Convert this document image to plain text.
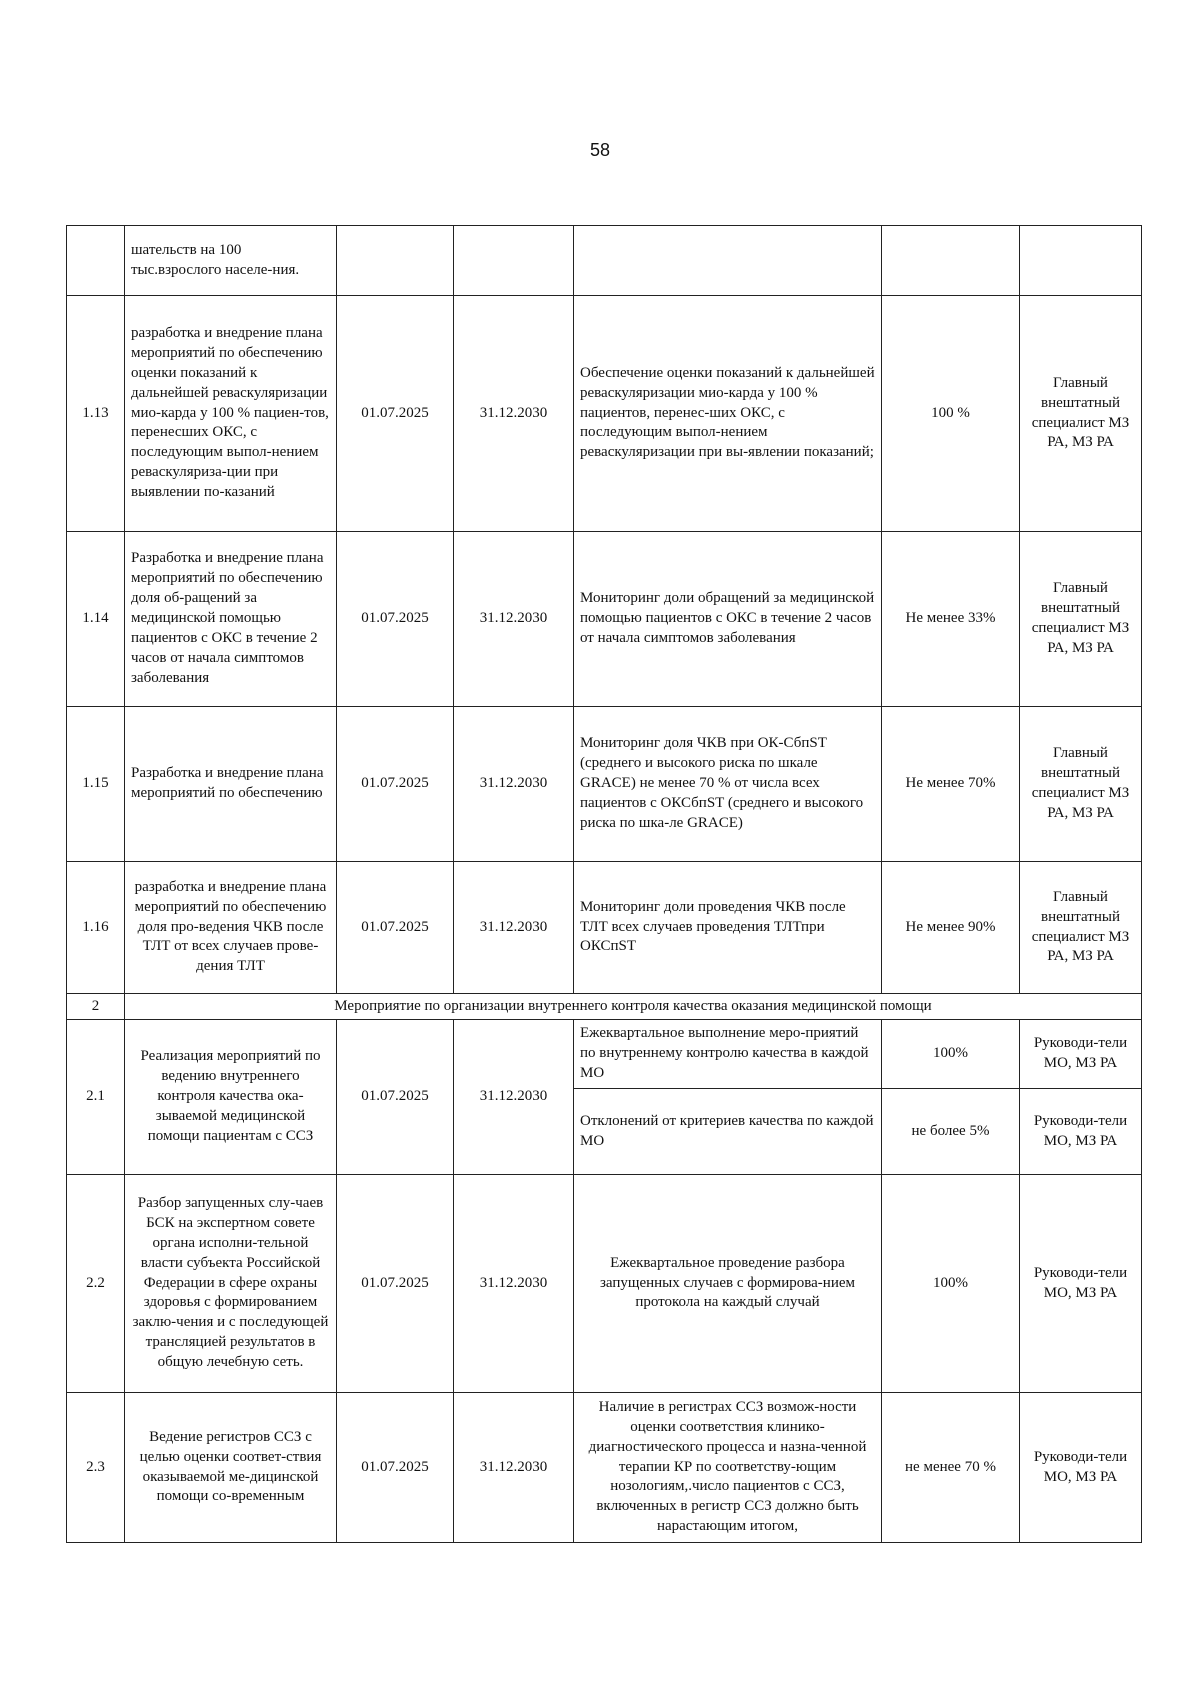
58
	шательств на 100 тыс.взрослого населе-ния.					
1.13	разработка и внедрение плана мероприятий по обеспечению оценки показаний к дальнейшей реваскуляризации мио-карда у 100 % пациен-тов, перенесших ОКС, с последующим выпол-нением реваскуляриза-ции при выявлении по-казаний	01.07.2025	31.12.2030	Обеспечение оценки показаний к дальнейшей реваскуляризации мио-карда у 100 % пациентов, перенес-ших ОКС, с последующим выпол-нением реваскуляризации при вы-явлении показаний;	100 %	Главный внештатный специалист МЗ РА, МЗ РА
1.14	Разработка и внедрение плана мероприятий по обеспечению доля об-ращений за медицинской помощью пациентов с ОКС в течение 2 часов от начала симптомов заболевания	01.07.2025	31.12.2030	Мониторинг доли обращений за медицинской помощью пациентов с ОКС в течение 2 часов от начала симптомов заболевания	Не менее 33%	Главный внештатный специалист МЗ РА, МЗ РА
1.15	Разработка и внедрение плана мероприятий по обеспечению	01.07.2025	31.12.2030	Мониторинг доля ЧКВ при ОК-СбпST (среднего и высокого риска по шкале GRACE) не менее 70 % от числа всех пациентов с ОКСбпST (среднего и высокого риска по шка-ле GRACE)	Не менее 70%	Главный внештатный специалист МЗ РА, МЗ РА
1.16	разработка и внедрение плана мероприятий по обеспечению доля про-ведения ЧКВ после ТЛТ от всех случаев прове-дения ТЛТ	01.07.2025	31.12.2030	Мониторинг доли проведения ЧКВ после ТЛТ всех случаев проведения ТЛТпри ОКСпST	Не менее 90%	Главный внештатный специалист МЗ РА, МЗ РА
2	Мероприятие по организации внутреннего контроля качества оказания медицинской помощи					
2.1	Реализация мероприятий по ведению внутреннего контроля качества ока-зываемой медицинской помощи пациентам с ССЗ	01.07.2025	31.12.2030	Ежеквартальное выполнение меро-приятий по внутреннему контролю качества в каждой МО	100%	Руководи-тели МО, МЗ РА
				Отклонений от критериев качества по каждой МО	не более 5%	Руководи-тели МО, МЗ РА
2.2	Разбор запущенных слу-чаев БСК на экспертном совете органа исполни-тельной власти субъекта Российской Федерации в сфере охраны здоровья с формированием заклю-чения и с последующей трансляцией результатов в общую лечебную сеть.	01.07.2025	31.12.2030	Ежеквартальное проведение разбора запущенных случаев с формирова-нием протокола на каждый случай	100%	Руководи-тели МО, МЗ РА
2.3	Ведение регистров ССЗ с целью оценки соответ-ствия оказываемой ме-дицинской помощи со-временным	01.07.2025	31.12.2030	Наличие в регистрах ССЗ возмож-ности оценки соответствия клинико-диагностического процесса и назна-ченной терапии КР по соответству-ющим нозологиям,.число пациентов с ССЗ, включенных в регистр ССЗ должно быть нарастающим итогом,	не менее 70 %	Руководи-тели МО, МЗ РА
